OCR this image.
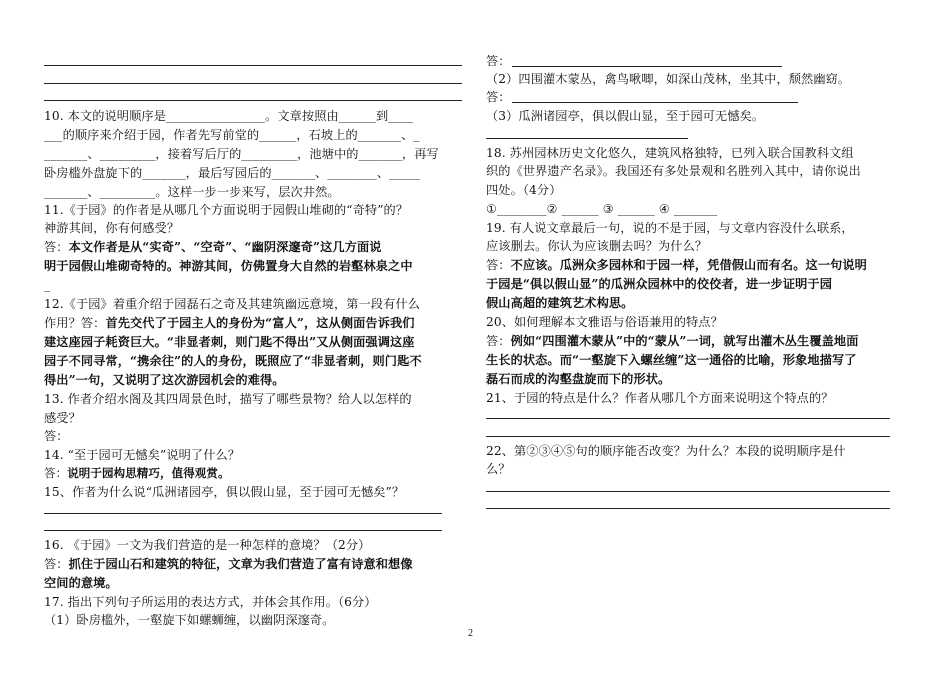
10. 本文的说明顺序是________________。文章按照由______到____
___的顺序来介绍于园，作者先写前堂的______，石坡上的_______、_
_______、_________，接着写后厅的_________，池塘中的_______，再写
卧房槛外盘旋下的_______，最后写园后的_______、________、_____
_______、_________。这样一步一步来写，层次井然。
11.《于园》的作者是从哪几个方面说明于园假山堆砌的“奇特”的？
神游其间，你有何感受？
答：本文作者是从“实奇”、“空奇”、“幽阴深邃奇”这几方面说
明于园假山堆砌奇特的。神游其间，仿佛置身大自然的岩壑林泉之中
_
12.《于园》着重介绍于园磊石之奇及其建筑幽远意境，第一段有什么
作用？答：首先交代了于园主人的身份为“富人”，这从侧面告诉我们
建这座园子耗资巨大。“非显者刺，则门匙不得出”又从侧面强调这座
园子不同寻常，“携余往”的人的身份，既照应了“非显者刺，则门匙不
得出”一句，又说明了这次游园机会的难得。
13. 作者介绍水阁及其四周景色时，描写了哪些景物？给人以怎样的
感受？
答：
14. “至于园可无憾矣”说明了什么？
答：说明于园构思精巧，值得观赏。
15、作者为什么说“瓜洲诸园亭，俱以假山显，至于园可无憾矣”？
16. 《于园》一文为我们营造的是一种怎样的意境？（2分）
答：抓住于园山石和建筑的特征，文章为我们营造了富有诗意和想像
空间的意境。
17. 指出下列句子所运用的表达方式，并体会其作用。（6分）
（1）卧房槛外，一壑旋下如螺蛳缠，以幽阴深邃奇。
答：
（2）四围灌木蒙丛，禽鸟啾唧，如深山茂林，坐其中，颓然幽窈。
答：
（3）瓜洲诸园亭，俱以假山显，至于园可无憾矣。
18. 苏州园林历史文化悠久，建筑风格独特，已列入联合国教科文组
织的《世界遗产名录》。我国还有多处景观和名胜列入其中，请你说出
四处。（4分）
①________② ______ ③ ______ ④ _______
19. 有人说文章最后一句，说的不是于园，与文章内容没什么联系，
应该删去。你认为应该删去吗？为什么？
答：不应该。瓜洲众多园林和于园一样，凭借假山而有名。这一句说明
于园是“俱以假山显”的瓜洲众园林中的佼佼者，进一步证明于园
假山高超的建筑艺术构思。
20、如何理解本文雅语与俗语兼用的特点？
答：例如“四围灌木蒙从”中的“蒙从”一词，就写出灌木丛生覆盖地面
生长的状态。而“一壑旋下入螺丝缠”这一通俗的比喻，形象地描写了
磊石而成的沟壑盘旋而下的形状。
21、于园的特点是什么？作者从哪几个方面来说明这个特点的？
22、第②③④⑤句的顺序能否改变？为什么？本段的说明顺序是什
么？
2
